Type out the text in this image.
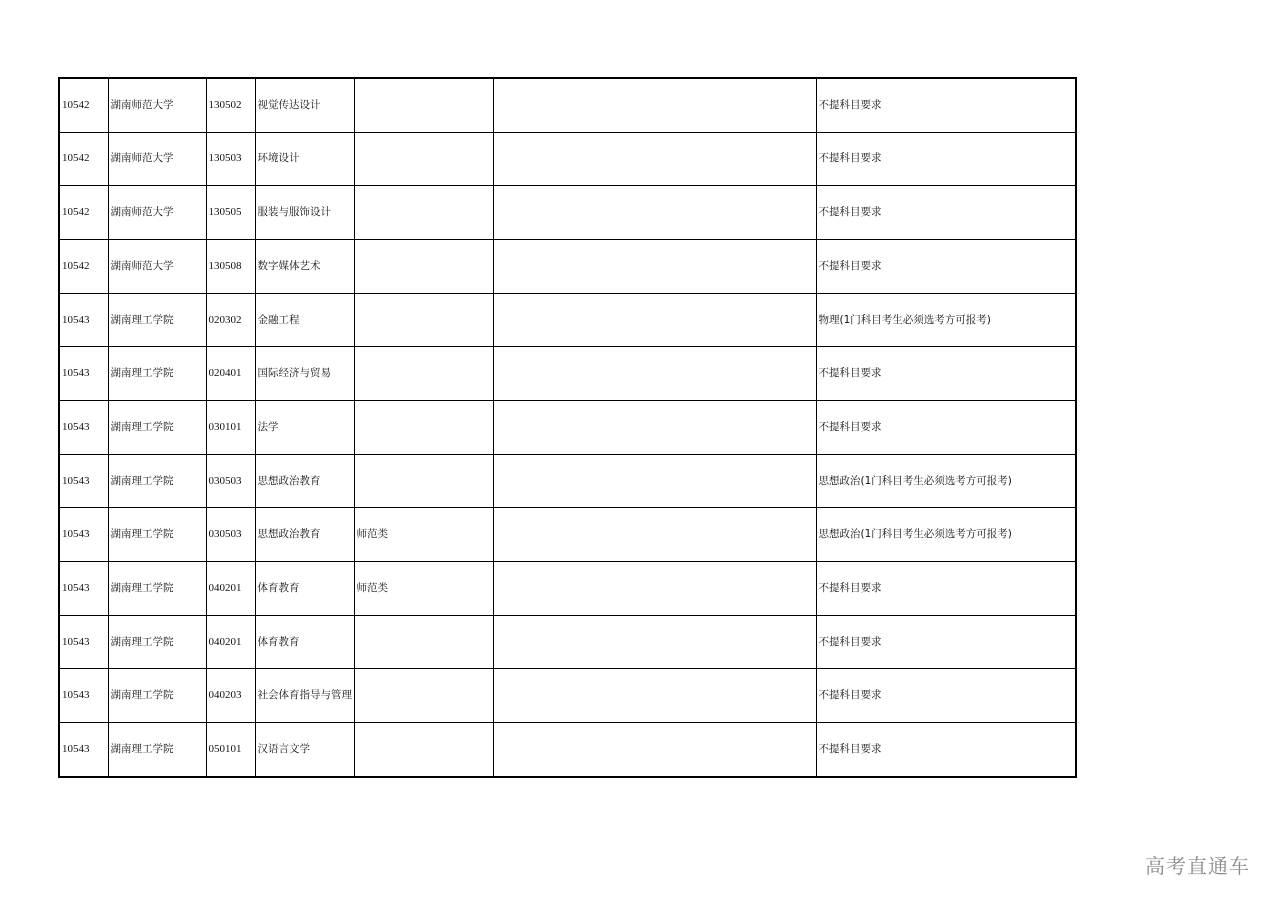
10542	湖南师范大学	130502	视觉传达设计			不提科目要求
10542	湖南师范大学	130503	环境设计			不提科目要求
10542	湖南师范大学	130505	服装与服饰设计			不提科目要求
10542	湖南师范大学	130508	数字媒体艺术			不提科目要求
10543	湖南理工学院	020302	金融工程			物理(1门科目考生必须选考方可报考)
10543	湖南理工学院	020401	国际经济与贸易			不提科目要求
10543	湖南理工学院	030101	法学			不提科目要求
10543	湖南理工学院	030503	思想政治教育			思想政治(1门科目考生必须选考方可报考)
10543	湖南理工学院	030503	思想政治教育	师范类		思想政治(1门科目考生必须选考方可报考)
10543	湖南理工学院	040201	体育教育	师范类		不提科目要求
10543	湖南理工学院	040201	体育教育			不提科目要求
10543	湖南理工学院	040203	社会体育指导与管理			不提科目要求
10543	湖南理工学院	050101	汉语言文学			不提科目要求
高考直通车
